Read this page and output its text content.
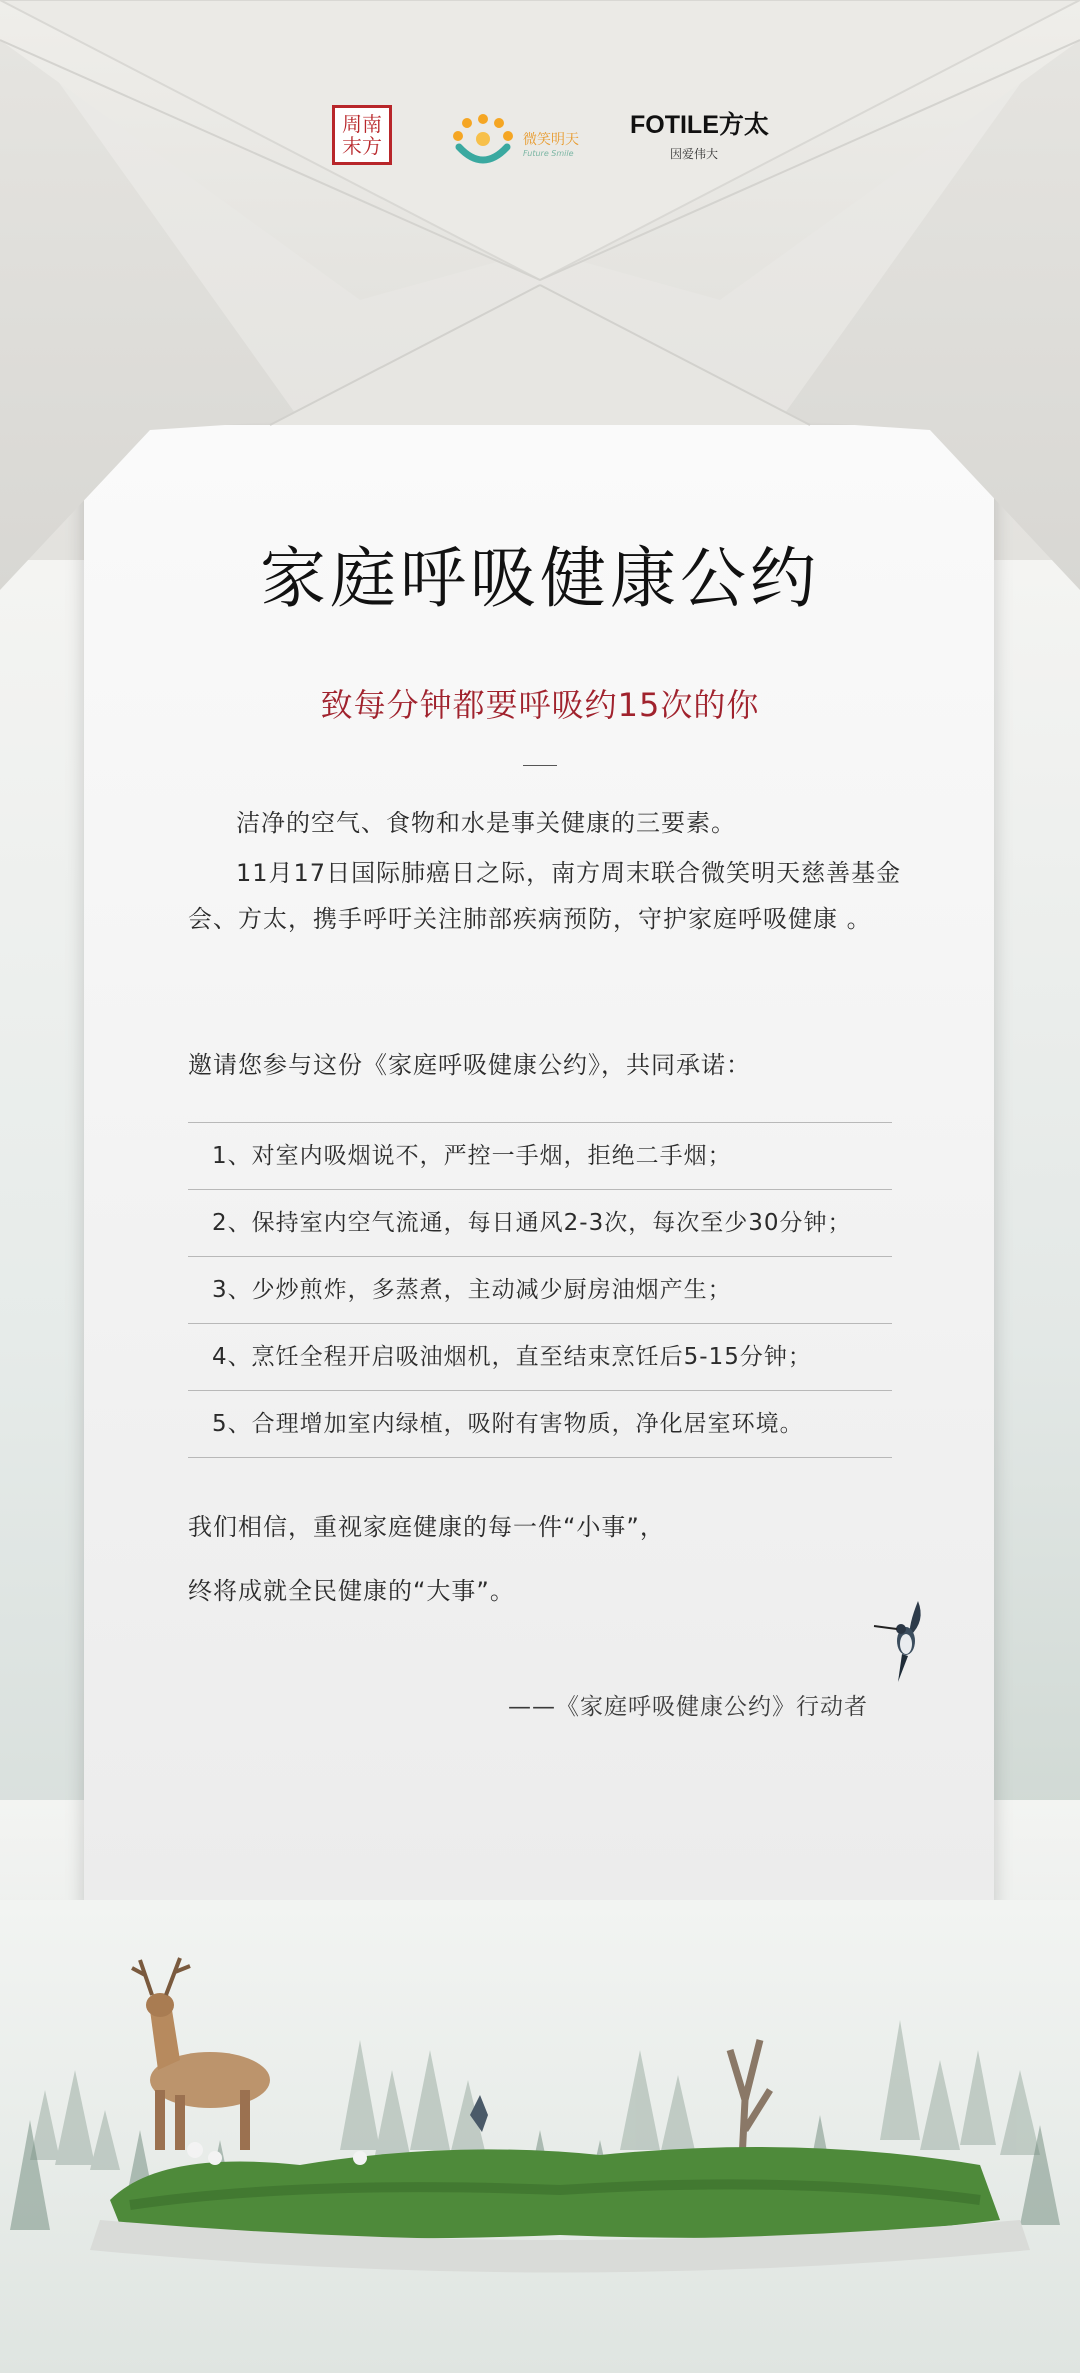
周南末方	微笑明天
Future Smile
FOTILE方太
因爱伟大
家庭呼吸健康公约
致每分钟都要呼吸约15次的你
洁净的空气、食物和水是事关健康的三要素。
11月17日国际肺癌日之际，南方周末联合微笑明天慈善基金会、方太，携手呼吁关注肺部疾病预防，守护家庭呼吸健康 。
邀请您参与这份《家庭呼吸健康公约》，共同承诺：
1、对室内吸烟说不，严控一手烟，拒绝二手烟；
2、保持室内空气流通，每日通风2-3次，每次至少30分钟；
3、少炒煎炸，多蒸煮，主动减少厨房油烟产生；
4、烹饪全程开启吸油烟机，直至结束烹饪后5-15分钟；
5、合理增加室内绿植，吸附有害物质，净化居室环境。
我们相信，重视家庭健康的每一件“小事”，
终将成就全民健康的“大事”。
——《家庭呼吸健康公约》行动者
